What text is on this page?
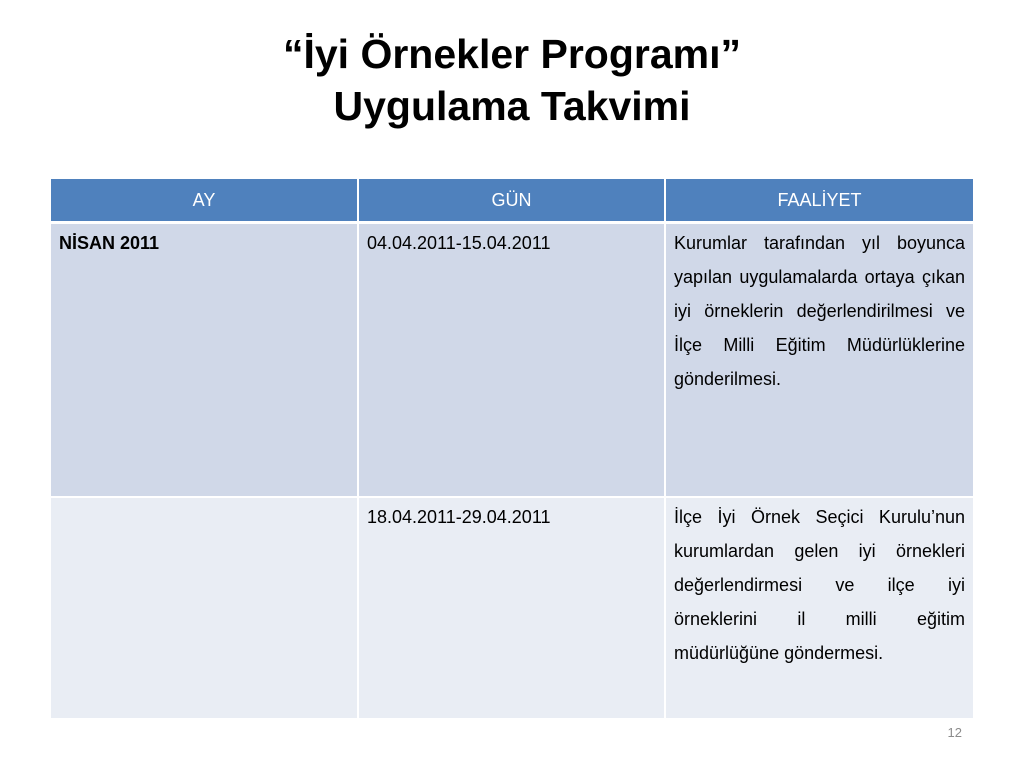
“İyi Örnekler Programı”
Uygulama Takvimi
AY	GÜN	FAALİYET
NİSAN 2011	04.04.2011-15.04.2011	Kurumlar tarafından yıl boyunca yapılan uygulamalarda ortaya çıkan iyi örneklerin değerlendirilmesi ve İlçe Milli Eğitim Müdürlüklerine gönderilmesi.
	18.04.2011-29.04.2011	İlçe İyi Örnek Seçici Kurulu’nun kurumlardan gelen iyi örnekleri değerlendirmesi ve ilçe iyi örneklerini il milli eğitim müdürlüğüne göndermesi.
12
